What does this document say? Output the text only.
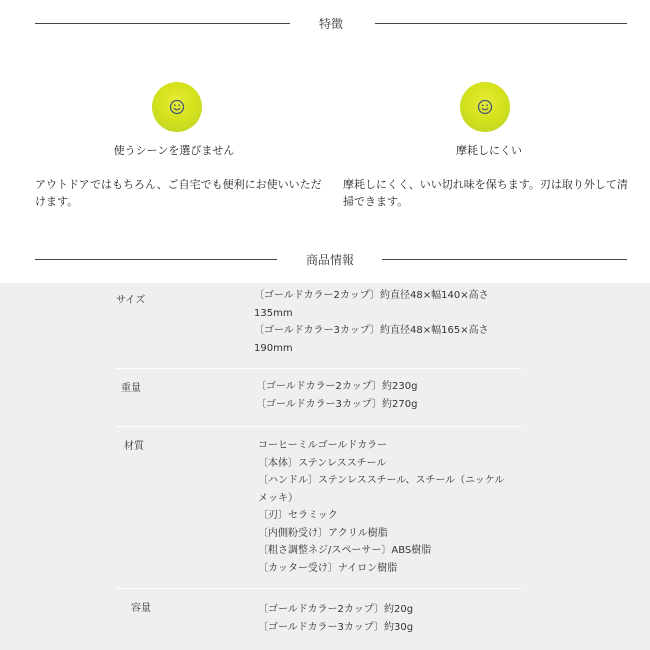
特徴
使うシーンを選びません
アウトドアではもちろん、ご自宅でも便利にお使いいただけます。
摩耗しにくい
摩耗しにくく、いい切れ味を保ちます。刃は取り外して清掃できます。
商品情報
サイズ	〔ゴールドカラー2カップ〕約直径48×幅140×高さ
135mm
〔ゴールドカラー3カップ〕約直径48×幅165×高さ
190mm
重量	〔ゴールドカラー2カップ〕約230g
〔ゴールドカラー3カップ〕約270g
材質	コーヒーミルゴールドカラー
〔本体〕ステンレススチール
〔ハンドル〕ステンレススチール、スチール（ニッケル
メッキ）
〔刃〕セラミック
〔内側粉受け〕アクリル樹脂
〔粗さ調整ネジ/スペーサー〕ABS樹脂
〔カッター受け〕ナイロン樹脂
容量	〔ゴールドカラー2カップ〕約20g
〔ゴールドカラー3カップ〕約30g
